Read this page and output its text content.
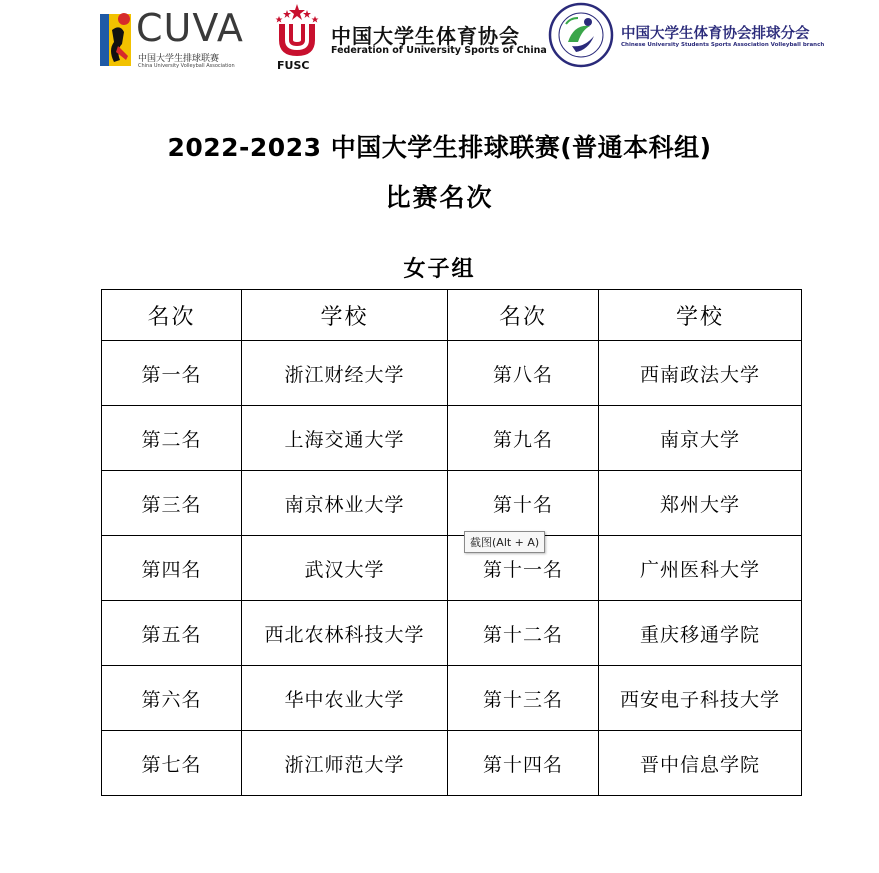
CUVA
中国大学生排球联赛
China University Volleyball Association	FUSC
中国大学生体育协会
Federation of University Sports of China
中国大学生体育协会排球分会
Chinese University Students Sports Association Volleyball branch
2022-2023 中国大学生排球联赛(普通本科组)
比赛名次
女子组
名次	学校	名次	学校
第一名	浙江财经大学	第八名	西南政法大学
第二名	上海交通大学	第九名	南京大学
第三名	南京林业大学	第十名	郑州大学
第四名	武汉大学	第十一名	广州医科大学
第五名	西北农林科技大学	第十二名	重庆移通学院
第六名	华中农业大学	第十三名	西安电子科技大学
第七名	浙江师范大学	第十四名	晋中信息学院
截图(Alt + A)
